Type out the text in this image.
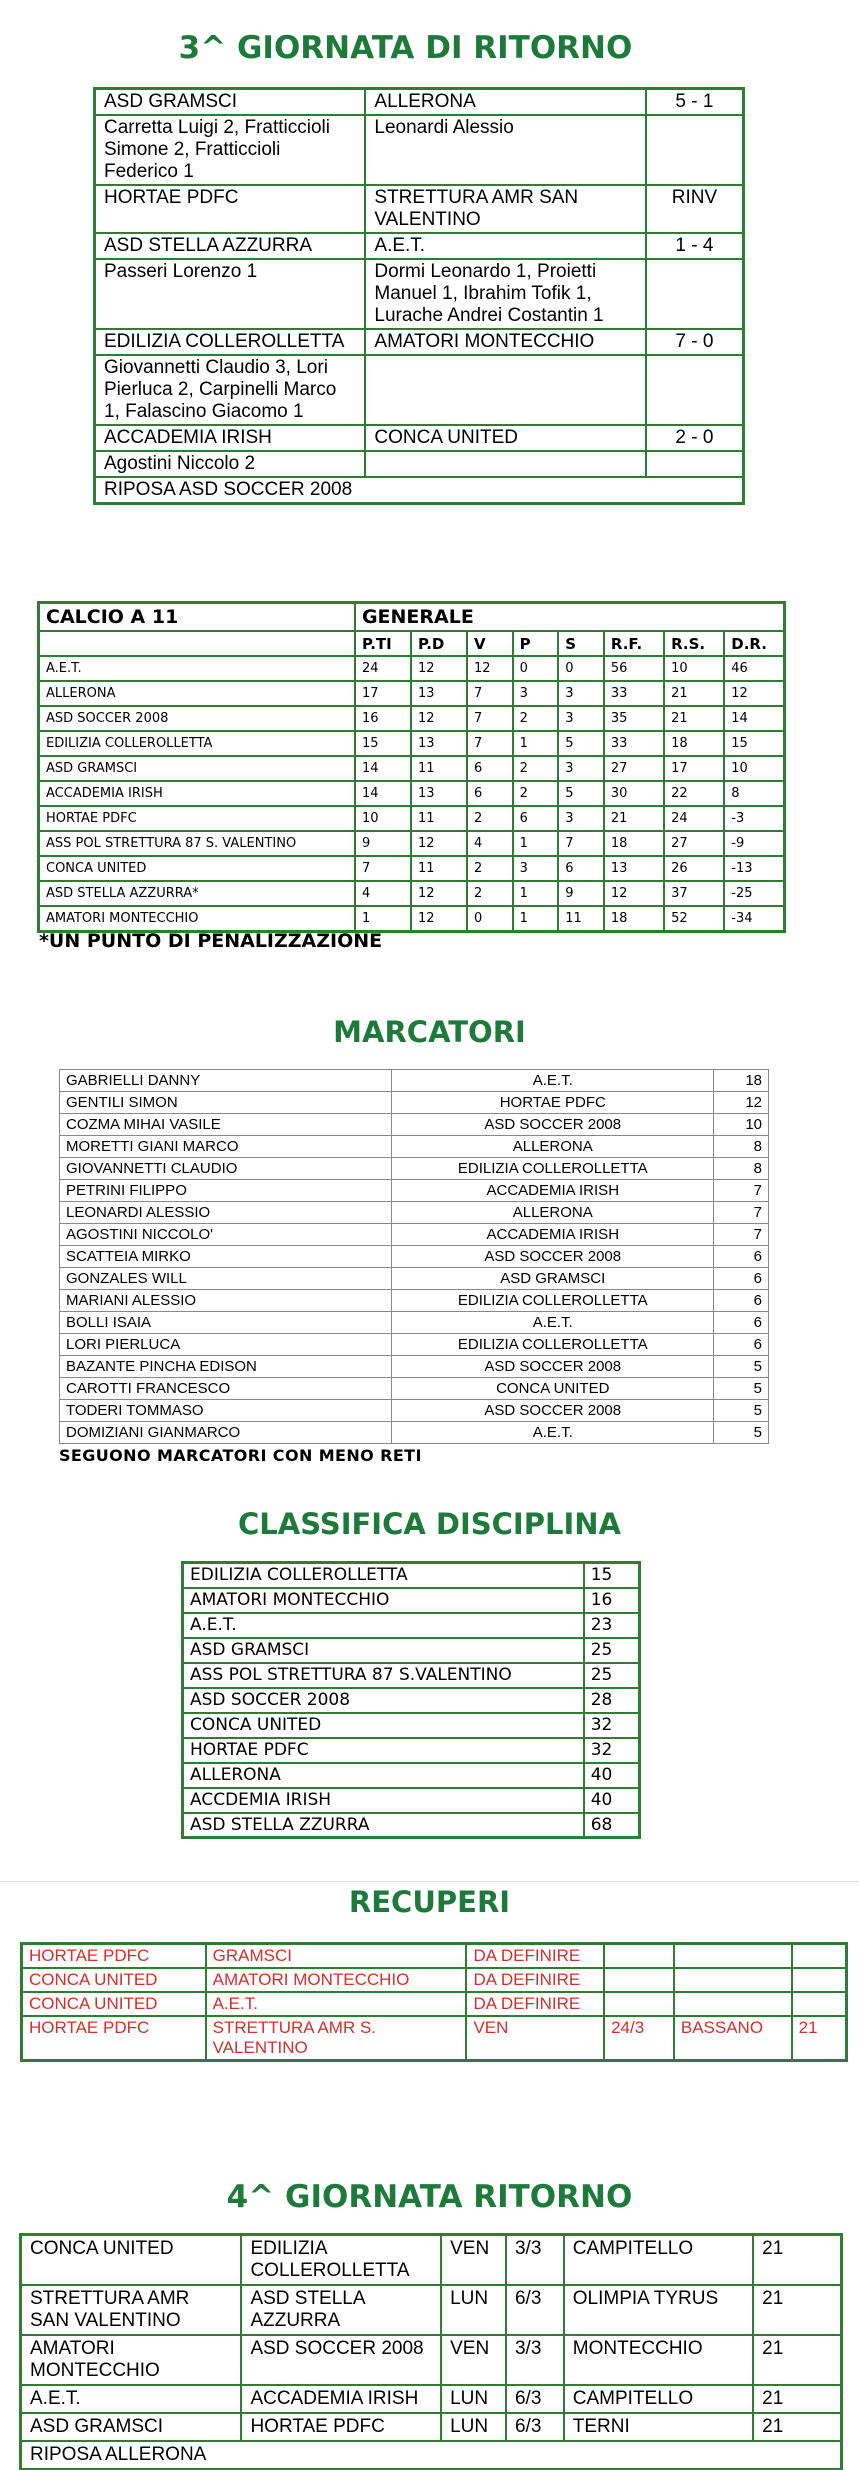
3^ GIORNATA DI RITORNO
ASD GRAMSCI	ALLERONA	5 - 1
Carretta Luigi 2, Fratticcioli Simone 2, Fratticcioli Federico 1	Leonardi Alessio	
HORTAE PDFC	STRETTURA AMR SAN VALENTINO	RINV
ASD STELLA AZZURRA	A.E.T.	1 - 4
Passeri Lorenzo 1	Dormi Leonardo 1, Proietti Manuel 1, Ibrahim Tofik 1, Lurache Andrei Costantin 1	
EDILIZIA COLLEROLLETTA	AMATORI MONTECCHIO	7 - 0
Giovannetti Claudio 3, Lori Pierluca 2, Carpinelli Marco 1, Falascino Giacomo 1		
ACCADEMIA IRISH	CONCA UNITED	2 - 0
Agostini Niccolo 2		
RIPOSA ASD SOCCER 2008		
CALCIO A 11	GENERALE							
	P.TI	P.D	V	P	S	R.F.	R.S.	D.R.
A.E.T.	24	12	12	0	0	56	10	46
ALLERONA	17	13	7	3	3	33	21	12
ASD SOCCER 2008	16	12	7	2	3	35	21	14
EDILIZIA COLLEROLLETTA	15	13	7	1	5	33	18	15
ASD GRAMSCI	14	11	6	2	3	27	17	10
ACCADEMIA IRISH	14	13	6	2	5	30	22	8
HORTAE PDFC	10	11	2	6	3	21	24	-3
ASS POL STRETTURA 87 S. VALENTINO	9	12	4	1	7	18	27	-9
CONCA UNITED	7	11	2	3	6	13	26	-13
ASD STELLA AZZURRA*	4	12	2	1	9	12	37	-25
AMATORI MONTECCHIO	1	12	0	1	11	18	52	-34
*UN PUNTO DI PENALIZZAZIONE
MARCATORI
GABRIELLI DANNY	A.E.T.	18
GENTILI SIMON	HORTAE PDFC	12
COZMA MIHAI VASILE	ASD SOCCER 2008	10
MORETTI GIANI MARCO	ALLERONA	8
GIOVANNETTI CLAUDIO	EDILIZIA COLLEROLLETTA	8
PETRINI FILIPPO	ACCADEMIA IRISH	7
LEONARDI ALESSIO	ALLERONA	7
AGOSTINI NICCOLO'	ACCADEMIA IRISH	7
SCATTEIA MIRKO	ASD SOCCER 2008	6
GONZALES WILL	ASD GRAMSCI	6
MARIANI ALESSIO	EDILIZIA COLLEROLLETTA	6
BOLLI ISAIA	A.E.T.	6
LORI PIERLUCA	EDILIZIA COLLEROLLETTA	6
BAZANTE PINCHA EDISON	ASD SOCCER 2008	5
CAROTTI FRANCESCO	CONCA UNITED	5
TODERI TOMMASO	ASD SOCCER 2008	5
DOMIZIANI GIANMARCO	A.E.T.	5
SEGUONO MARCATORI CON MENO RETI
CLASSIFICA DISCIPLINA
EDILIZIA COLLEROLLETTA	15
AMATORI MONTECCHIO	16
A.E.T.	23
ASD GRAMSCI	25
ASS POL STRETTURA 87 S.VALENTINO	25
ASD SOCCER 2008	28
CONCA UNITED	32
HORTAE PDFC	32
ALLERONA	40
ACCDEMIA IRISH	40
ASD STELLA ZZURRA	68
RECUPERI
HORTAE PDFC	GRAMSCI	DA DEFINIRE			
CONCA UNITED	AMATORI MONTECCHIO	DA DEFINIRE			
CONCA UNITED	A.E.T.	DA DEFINIRE			
HORTAE PDFC	STRETTURA AMR S. VALENTINO	VEN	24/3	BASSANO	21
4^ GIORNATA RITORNO
CONCA UNITED	EDILIZIA COLLEROLLETTA	VEN	3/3	CAMPITELLO	21
STRETTURA AMR SAN VALENTINO	ASD STELLA AZZURRA	LUN	6/3	OLIMPIA TYRUS	21
AMATORI MONTECCHIO	ASD SOCCER 2008	VEN	3/3	MONTECCHIO	21
A.E.T.	ACCADEMIA IRISH	LUN	6/3	CAMPITELLO	21
ASD GRAMSCI	HORTAE PDFC	LUN	6/3	TERNI	21
RIPOSA ALLERONA					
